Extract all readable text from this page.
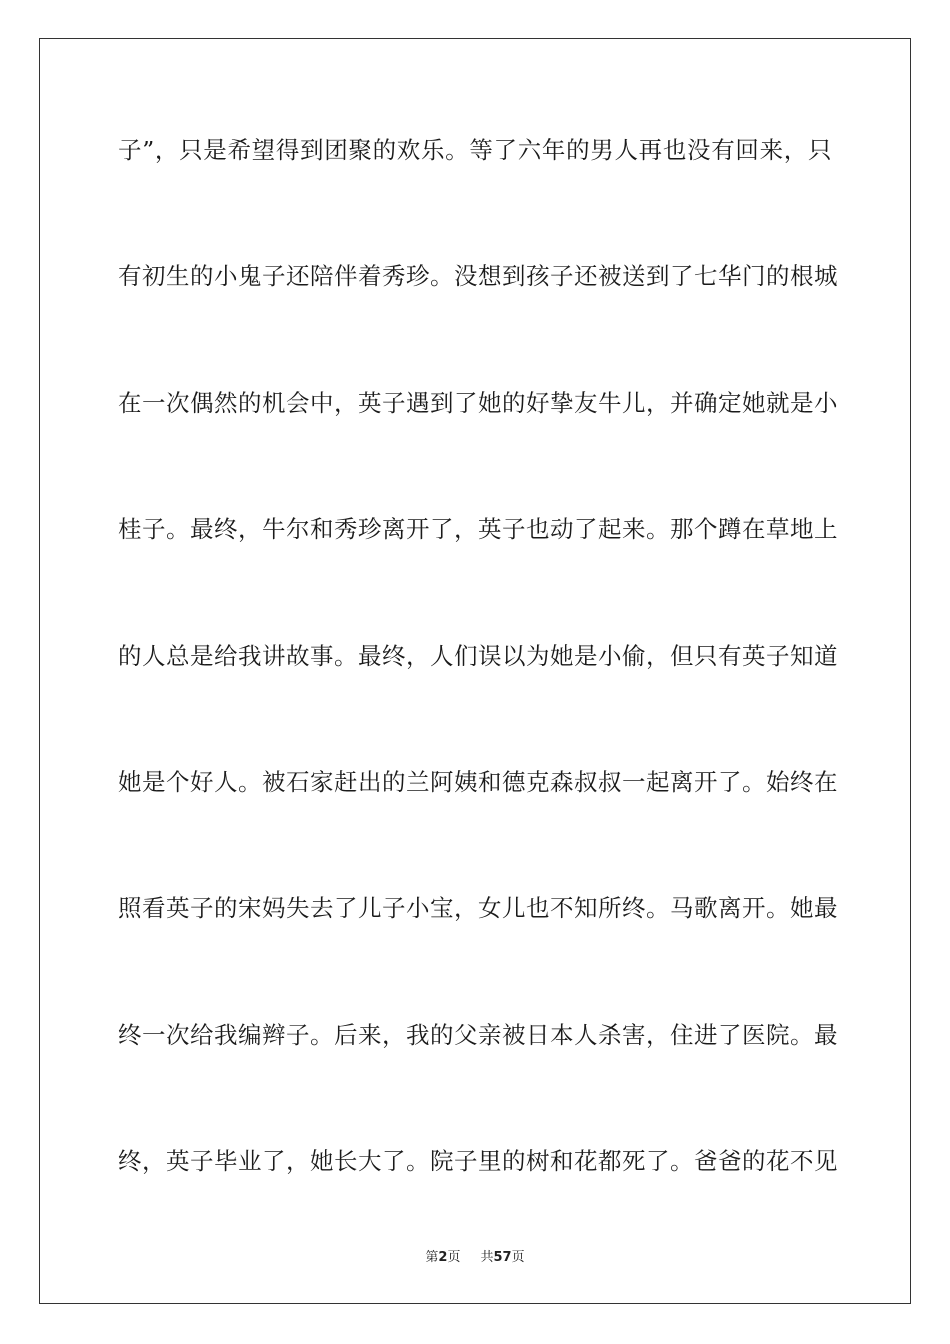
子”，只是希望得到团聚的欢乐。等了六年的男人再也没有回来，只
有初生的小鬼子还陪伴着秀珍。没想到孩子还被送到了七华门的根城
在一次偶然的机会中，英子遇到了她的好挚友牛儿，并确定她就是小
桂子。最终，牛尔和秀珍离开了，英子也动了起来。那个蹲在草地上
的人总是给我讲故事。最终，人们误以为她是小偷，但只有英子知道
她是个好人。被石家赶出的兰阿姨和德克森叔叔一起离开了。始终在
照看英子的宋妈失去了儿子小宝，女儿也不知所终。马歌离开。她最
终一次给我编辫子。后来，我的父亲被日本人杀害，住进了医院。最
终，英子毕业了，她长大了。院子里的树和花都死了。爸爸的花不见
第2页 共57页
